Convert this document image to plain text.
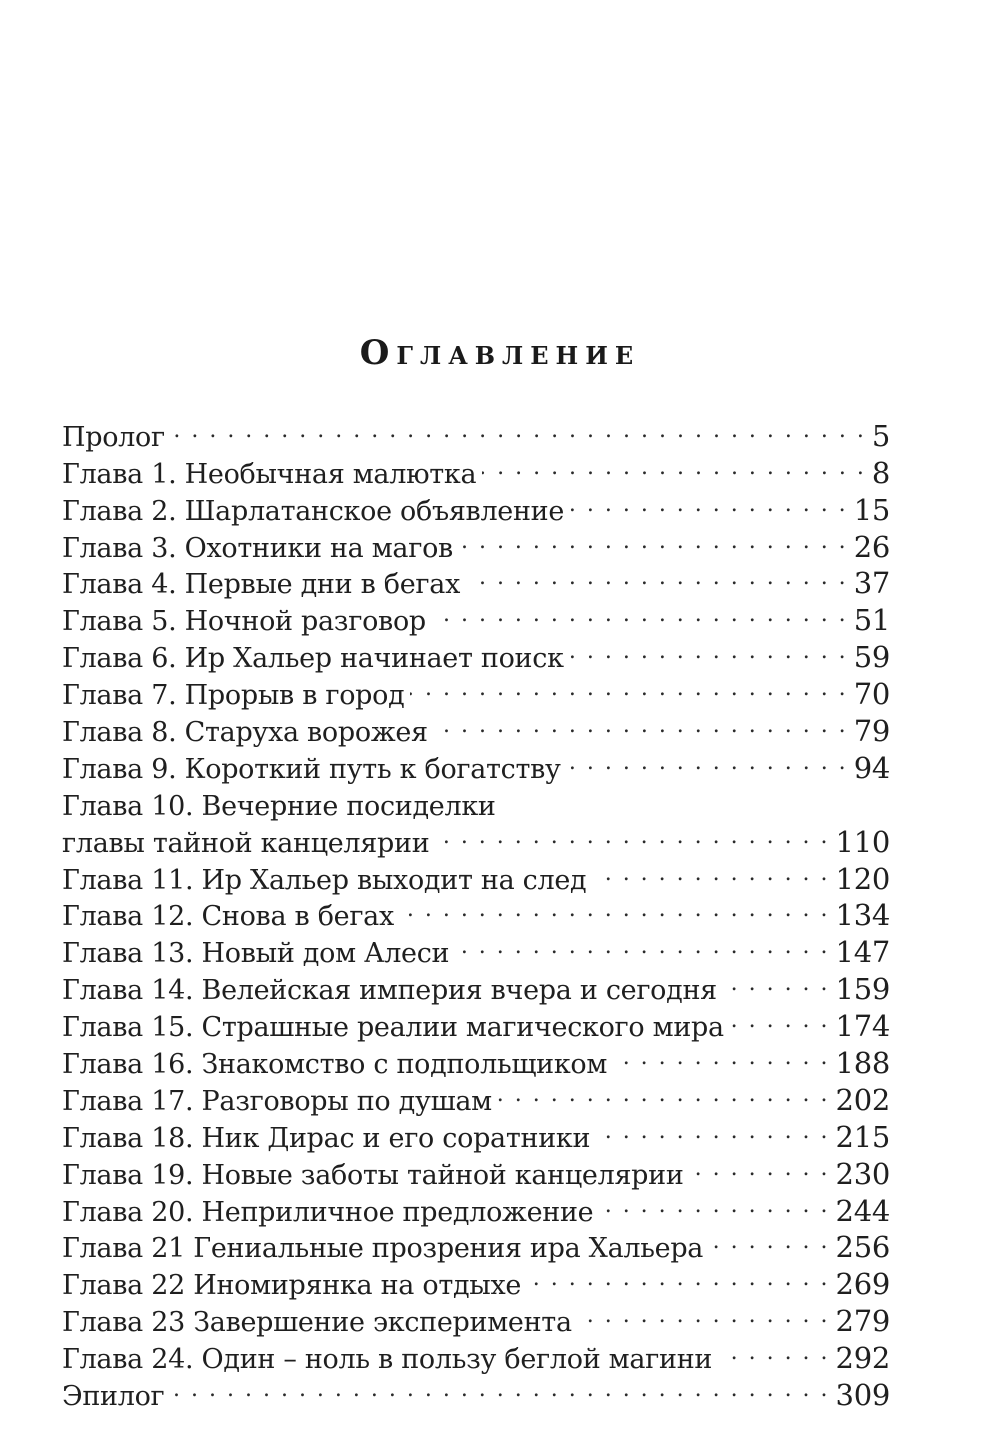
Оглавление
Пролог . . .	5
Глава 1. Необычная малютка . . .	8
Глава 2. Шарлатанское объявление . . .	15
Глава 3. Охотники на магов . . .	26
Глава 4. Первые дни в бегах . . .	37
Глава 5. Ночной разговор . . .	51
Глава 6. Ир Хальер начинает поиск . . .	59
Глава 7. Прорыв в город . . .	70
Глава 8. Старуха ворожея . . .	79
Глава 9. Короткий путь к богатству . . .	94
Глава 10. Вечерние посиделки
главы тайной канцелярии . . .	110
Глава 11. Ир Хальер выходит на след . . .	120
Глава 12. Снова в бегах . . .	134
Глава 13. Новый дом Алеси . . .	147
Глава 14. Велейская империя вчера и сегодня . . .	159
Глава 15. Страшные реалии магического мира . . .	174
Глава 16. Знакомство с подпольщиком . . .	188
Глава 17. Разговоры по душам . . .	202
Глава 18. Ник Дирас и его соратники . . .	215
Глава 19. Новые заботы тайной канцелярии . . .	230
Глава 20. Неприличное предложение . . .	244
Глава 21 Гениальные прозрения ира Хальера . . .	256
Глава 22 Иномирянка на отдыхе . . .	269
Глава 23 Завершение эксперимента . . .	279
Глава 24. Один – ноль в пользу беглой магини . . .	292
Эпилог . . .	309
